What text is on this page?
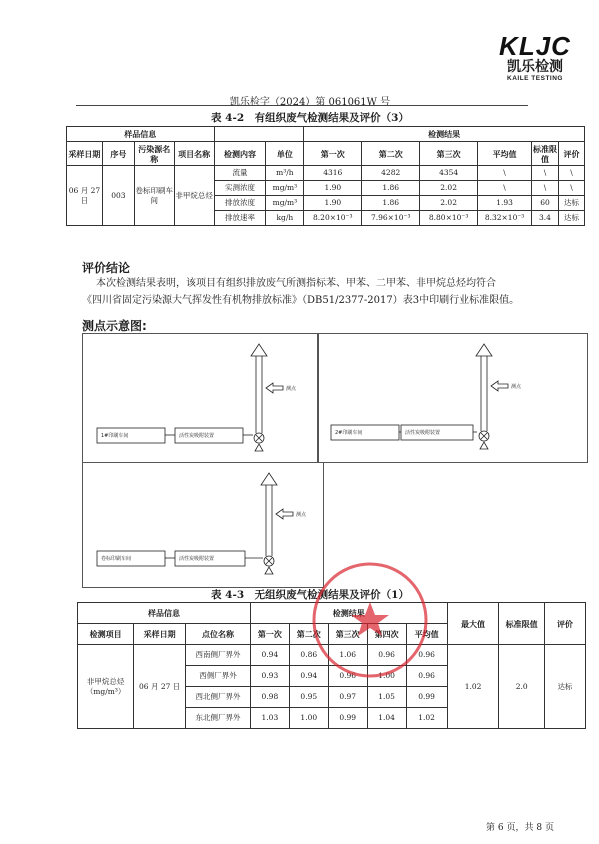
KLJC
凯乐检测
KAILE TESTING
凯乐检字（2024）第 061061W 号
表 4-2　有组织废气检测结果及评价（3）
样品信息						检测结果					
采样日期	序号	污染源名称	项目名称	检测内容	单位	第一次	第二次	第三次	平均值	标准限值	评价
06 月 27 日	003	卷标印刷车间	非甲烷总烃	流量	m³/h	4316	4282	4354	\	\	\
				实测浓度	mg/m³	1.90	1.86	2.02	\	\	\
				排放浓度	mg/m³	1.90	1.86	2.02	1.93	60	达标
				排放速率	kg/h	8.20×10⁻³	7.96×10⁻³	8.80×10⁻³	8.32×10⁻³	3.4	达标
评价结论
本次检测结果表明，该项目有组织排放废气所测指标苯、甲苯、二甲苯、非甲烷总烃均符合
《四川省固定污染源大气挥发性有机物排放标准》（DB51/2377-2017）表3中印刷行业标准限值。
测点示意图:
1#印刷车间	活性炭吸附装置
测点
2#印刷车间	活性炭吸附装置
测点
卷标印刷车间	活性炭吸附装置
测点
表 4-3　无组织废气检测结果及评价（1）
样品信息			检测结果					最大值	标准限值	评价
检测项目	采样日期	点位名称	第一次	第二次	第三次	第四次	平均值			
非甲烷总烃（mg/m³）	06 月 27 日	西南侧厂界外	0.94	0.86	1.06	0.96	0.96	1.02	2.0	达标
		西侧厂界外	0.93	0.94	0.96	1.00	0.96			
		西北侧厂界外	0.98	0.95	0.97	1.05	0.99			
		东北侧厂界外	1.03	1.00	0.99	1.04	1.02			
第 6 页，共 8 页
